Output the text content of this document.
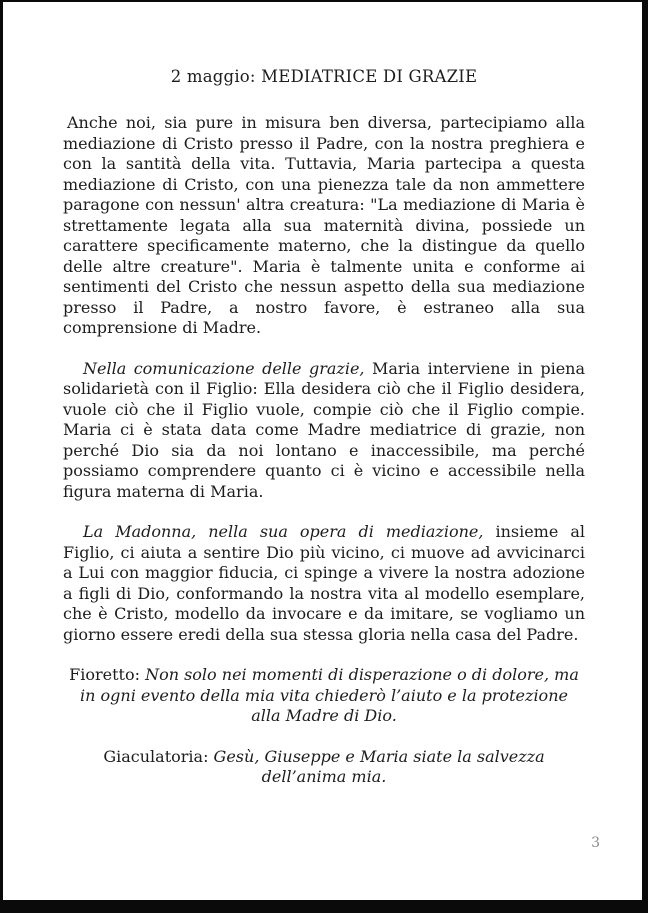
2 maggio: MEDIATRICE DI GRAZIE

Anche noi, sia pure in misura ben diversa, partecipiamo alla mediazione di Cristo presso il Padre, con la nostra preghiera e con la santità della vita. Tuttavia, Maria partecipa a questa mediazione di Cristo, con una pienezza tale da non ammettere paragone con nessun' altra creatura: "La mediazione di Maria è strettamente legata alla sua maternità divina, possiede un carattere specificamente materno, che la distingue da quello delle altre creature". Maria è talmente unita e conforme ai sentimenti del Cristo che nessun aspetto della sua mediazione presso il Padre, a nostro favore, è estraneo alla sua comprensione di Madre.

Nella comunicazione delle grazie, Maria interviene in piena solidarietà con il Figlio: Ella desidera ciò che il Figlio desidera, vuole ciò che il Figlio vuole, compie ciò che il Figlio compie. Maria ci è stata data come Madre mediatrice di grazie, non perché Dio sia da noi lontano e inaccessibile, ma perché possiamo comprendere quanto ci è vicino e accessibile nella figura materna di Maria.

La Madonna, nella sua opera di mediazione, insieme al Figlio, ci aiuta a sentire Dio più vicino, ci muove ad avvicinarci a Lui con maggior fiducia, ci spinge a vivere la nostra adozione a figli di Dio, conformando la nostra vita al modello esemplare, che è Cristo, modello da invocare e da imitare, se vogliamo un giorno essere eredi della sua stessa gloria nella casa del Padre.

Fioretto: Non solo nei momenti di disperazione o di dolore, ma in ogni evento della mia vita chiederò l’aiuto e la protezione alla Madre di Dio.

Giaculatoria: Gesù, Giuseppe e Maria siate la salvezza dell’anima mia.

3
